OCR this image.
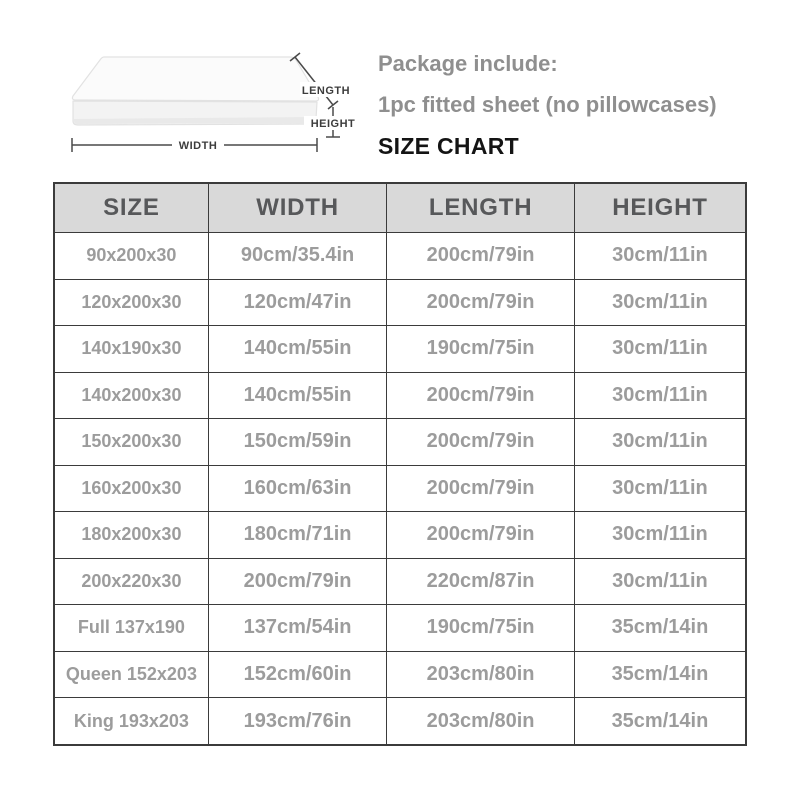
LENGTH
HEIGHT
WIDTH

Package include:

1pc fitted sheet (no pillowcases)

SIZE CHART

SIZE	WIDTH	LENGTH	HEIGHT
90x200x30	90cm/35.4in	200cm/79in	30cm/11in
120x200x30	120cm/47in	200cm/79in	30cm/11in
140x190x30	140cm/55in	190cm/75in	30cm/11in
140x200x30	140cm/55in	200cm/79in	30cm/11in
150x200x30	150cm/59in	200cm/79in	30cm/11in
160x200x30	160cm/63in	200cm/79in	30cm/11in
180x200x30	180cm/71in	200cm/79in	30cm/11in
200x220x30	200cm/79in	220cm/87in	30cm/11in
Full 137x190	137cm/54in	190cm/75in	35cm/14in
Queen 152x203	152cm/60in	203cm/80in	35cm/14in
King 193x203	193cm/76in	203cm/80in	35cm/14in
